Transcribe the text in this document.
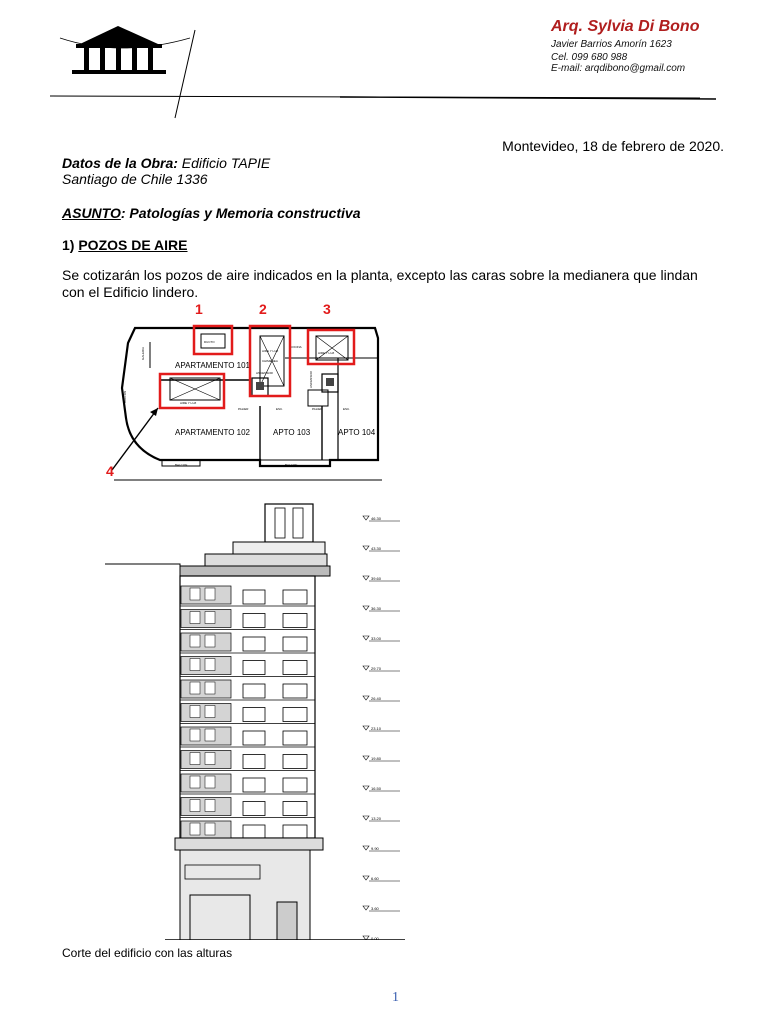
Arq. Sylvia Di Bono
Javier Barrios Amorín 1623
Cel. 099 680 988
E-mail: arqdibono@gmail.com
Montevideo, 18 de febrero de 2020.
Datos de la Obra: Edificio TAPIE
Santiago de Chile 1336
ASUNTO: Patologías y Memoria constructiva
1) POZOS DE AIRE
Se cotizarán los pozos de aire indicados en la planta, excepto las caras sobre la medianera que lindan con el Edificio lindero.
APARTAMENTO 101
APARTAMENTO 102	APTO 103	APTO 104
DUCTO
AIRE Y LUZ
CHIMENEA
AIRE Y LUZ
ASCENSOR
PALIER	PALIER
ESC.	ESC.
BALCON	BALCON
AIRE Y LUZ
BALCON
GALERIA
ASCENSOR
COCINA
1	2	3
4
46.30
43.30
39.60
36.30
33.00
29.70
26.40
23.10
19.80
16.50
13.20
9.90
6.60
3.60
0.00
Corte del edificio con las alturas
1
